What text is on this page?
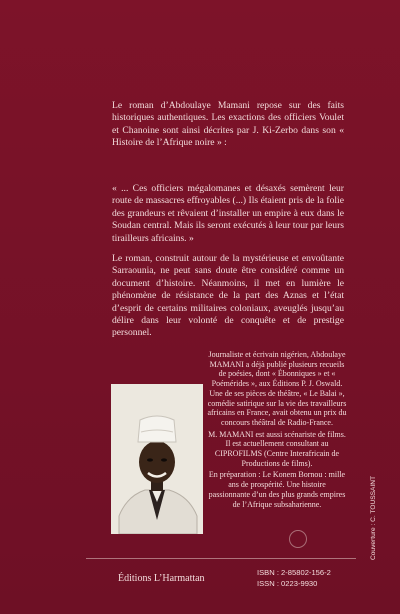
Le roman d’Abdoulaye Mamani repose sur des faits historiques authentiques. Les exactions des officiers Voulet et Chanoine sont ainsi décrites par J. Ki-Zerbo dans son « Histoire de l’Afrique noire » :
« ... Ces officiers mégalomanes et désaxés semèrent leur route de massacres effroyables (...) Ils étaient pris de la folie des grandeurs et rêvaient d’installer un empire à eux dans le Soudan central. Mais ils seront exécutés à leur tour par leurs tirailleurs africains. »
Le roman, construit autour de la mystérieuse et envoûtante Sarraounia, ne peut sans doute être considéré comme un document d’histoire. Néanmoins, il met en lumière le phénomène de résistance de la part des Aznas et l’état d’esprit de certains militaires coloniaux, aveuglés jusqu’au délire dans leur volonté de conquête et de prestige personnel.

Journaliste et écrivain nigérien, Abdoulaye MAMANI a déjà publié plusieurs recueils de poésies, dont « Ébonniques » et « Poémérides », aux Éditions P. J. Oswald. Une de ses pièces de théâtre, « Le Balai », comédie satirique sur la vie des travailleurs africains en France, avait obtenu un prix du concours théâtral de Radio-France.

M. MAMANI est aussi scénariste de films. Il est actuellement consultant au CIPROFILMS (Centre Interafricain de Productions de films).

En préparation : Le Konem Bornou : mille ans de prospérité. Une histoire passionnante d’un des plus grands empires de l’Afrique subsaharienne.	Couverture : C. TOUSSAINT
Éditions L’Harmattan
ISBN : 2-85802-156-2
ISSN : 0223-9930
